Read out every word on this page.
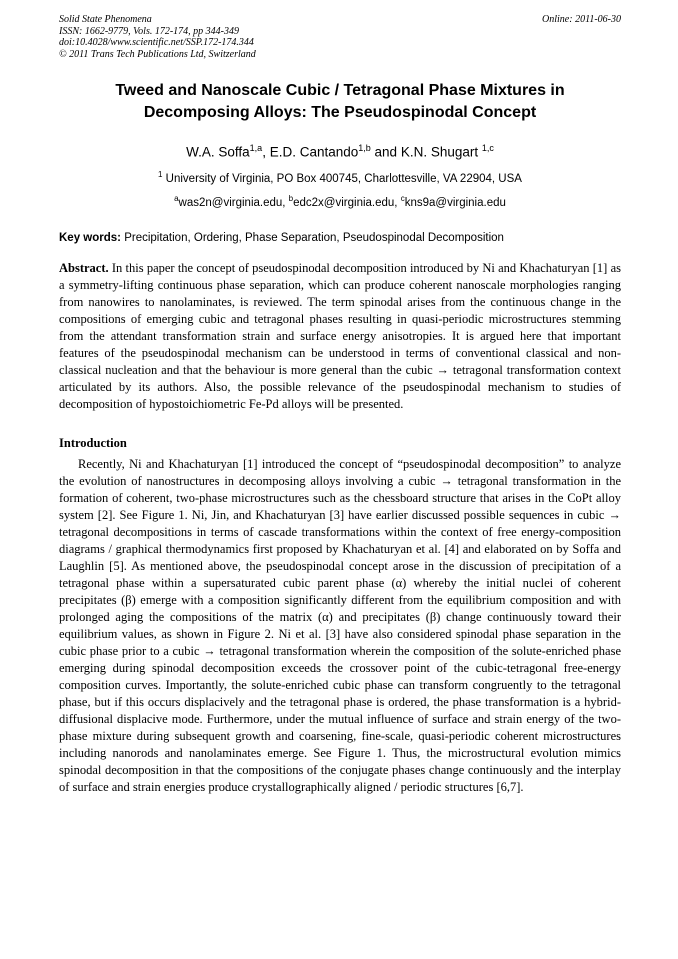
Solid State Phenomena
ISSN: 1662-9779, Vols. 172-174, pp 344-349
doi:10.4028/www.scientific.net/SSP.172-174.344
© 2011 Trans Tech Publications Ltd, Switzerland
Online: 2011-06-30
Tweed and Nanoscale Cubic / Tetragonal Phase Mixtures in
Decomposing Alloys: The Pseudospinodal Concept
W.A. Soffa$^{1,a}$, E.D. Cantando$^{1,b}$ and K.N. Shugart $^{1,c}$
$^1$ University of Virginia, PO Box 400745, Charlottesville, VA 22904, USA
$^a$was2n@virginia.edu, $^b$edc2x@virginia.edu, $^c$kns9a@virginia.edu
Key words: Precipitation, Ordering, Phase Separation, Pseudospinodal Decomposition

Abstract. In this paper the concept of pseudospinodal decomposition introduced by Ni and Khachaturyan [1] as a symmetry-lifting continuous phase separation, which can produce coherent nanoscale morphologies ranging from nanowires to nanolaminates, is reviewed. The term spinodal arises from the continuous change in the compositions of emerging cubic and tetragonal phases resulting in quasi-periodic microstructures stemming from the attendant transformation strain and surface energy anisotropies. It is argued here that important features of the pseudospinodal mechanism can be understood in terms of conventional classical and non-classical nucleation and that the behaviour is more general than the cubic → tetragonal transformation context articulated by its authors. Also, the possible relevance of the pseudospinodal mechanism to studies of decomposition of hypostoichiometric Fe-Pd alloys will be presented.

Introduction

Recently, Ni and Khachaturyan [1] introduced the concept of “pseudospinodal decomposition” to analyze the evolution of nanostructures in decomposing alloys involving a cubic → tetragonal transformation in the formation of coherent, two-phase microstructures such as the chessboard structure that arises in the CoPt alloy system [2]. See Figure 1. Ni, Jin, and Khachaturyan [3] have earlier discussed possible sequences in cubic → tetragonal decompositions in terms of cascade transformations within the context of free energy-composition diagrams / graphical thermodynamics first proposed by Khachaturyan et al. [4] and elaborated on by Soffa and Laughlin [5]. As mentioned above, the pseudospinodal concept arose in the discussion of precipitation of a tetragonal phase within a supersaturated cubic parent phase (α) whereby the initial nuclei of coherent precipitates (β) emerge with a composition significantly different from the equilibrium composition and with prolonged aging the compositions of the matrix (α) and precipitates (β) change continuously toward their equilibrium values, as shown in Figure 2. Ni et al. [3] have also considered spinodal phase separation in the cubic phase prior to a cubic → tetragonal transformation wherein the composition of the solute-enriched phase emerging during spinodal decomposition exceeds the crossover point of the cubic-tetragonal free-energy composition curves. Importantly, the solute-enriched cubic phase can transform congruently to the tetragonal phase, but if this occurs displacively and the tetragonal phase is ordered, the phase transformation is a hybrid-diffusional displacive mode. Furthermore, under the mutual influence of surface and strain energy of the two-phase mixture during subsequent growth and coarsening, fine-scale, quasi-periodic coherent microstructures including nanorods and nanolaminates emerge. See Figure 1. Thus, the microstructural evolution mimics spinodal decomposition in that the compositions of the conjugate phases change continuously and the interplay of surface and strain energies produce crystallographically aligned / periodic structures [6,7].
